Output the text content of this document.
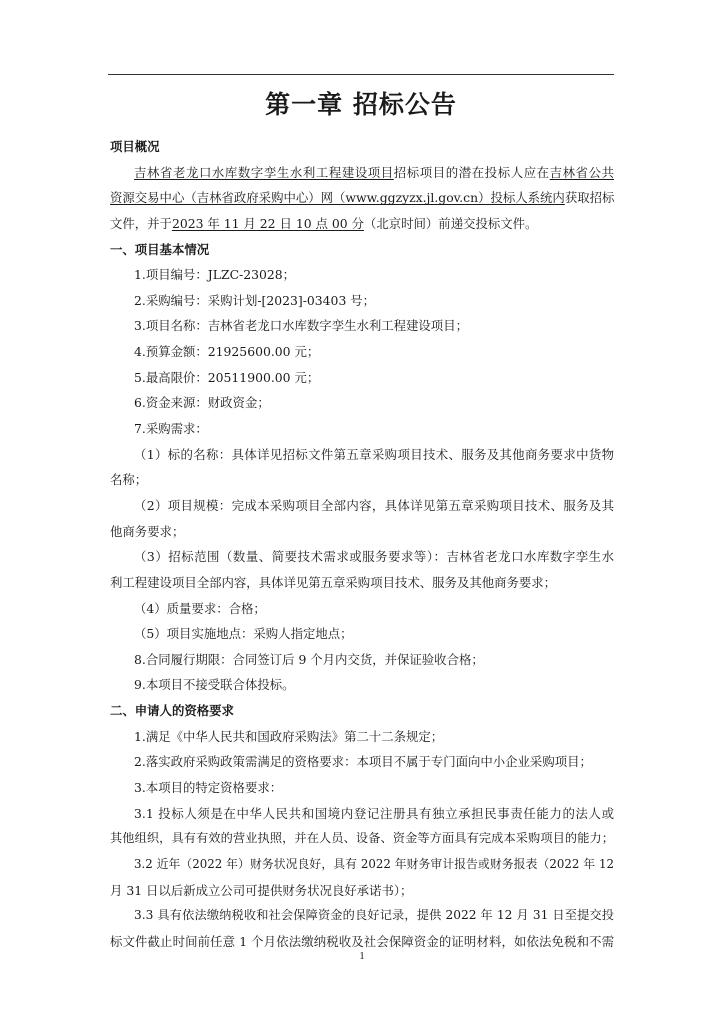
第一章 招标公告
项目概况
吉林省老龙口水库数字孪生水利工程建设项目招标项目的潜在投标人应在吉林省公共
资源交易中心（吉林省政府采购中心）网（www.ggzyzx.jl.gov.cn）投标人系统内获取招标
文件，并于2023 年 11 月 22 日 10 点 00 分（北京时间）前递交投标文件。
一、项目基本情况
1.项目编号：JLZC-23028；
2.采购编号：采购计划-[2023]-03403 号；
3.项目名称：吉林省老龙口水库数字孪生水利工程建设项目；
4.预算金额：21925600.00 元；
5.最高限价：20511900.00 元；
6.资金来源：财政资金；
7.采购需求：
（1）标的名称：具体详见招标文件第五章采购项目技术、服务及其他商务要求中货物
名称；
（2）项目规模：完成本采购项目全部内容，具体详见第五章采购项目技术、服务及其
他商务要求；
（3）招标范围（数量、简要技术需求或服务要求等）：吉林省老龙口水库数字孪生水
利工程建设项目全部内容，具体详见第五章采购项目技术、服务及其他商务要求；
（4）质量要求：合格；
（5）项目实施地点：采购人指定地点；
8.合同履行期限：合同签订后 9 个月内交货，并保证验收合格；
9.本项目不接受联合体投标。
二、申请人的资格要求
1.满足《中华人民共和国政府采购法》第二十二条规定；
2.落实政府采购政策需满足的资格要求：本项目不属于专门面向中小企业采购项目；
3.本项目的特定资格要求：
3.1 投标人须是在中华人民共和国境内登记注册具有独立承担民事责任能力的法人或
其他组织，具有有效的营业执照，并在人员、设备、资金等方面具有完成本采购项目的能力；
3.2 近年（2022 年）财务状况良好，具有 2022 年财务审计报告或财务报表（2022 年 12
月 31 日以后新成立公司可提供财务状况良好承诺书）；
3.3 具有依法缴纳税收和社会保障资金的良好记录，提供 2022 年 12 月 31 日至提交投
标文件截止时间前任意 1 个月依法缴纳税收及社会保障资金的证明材料，如依法免税和不需
1
